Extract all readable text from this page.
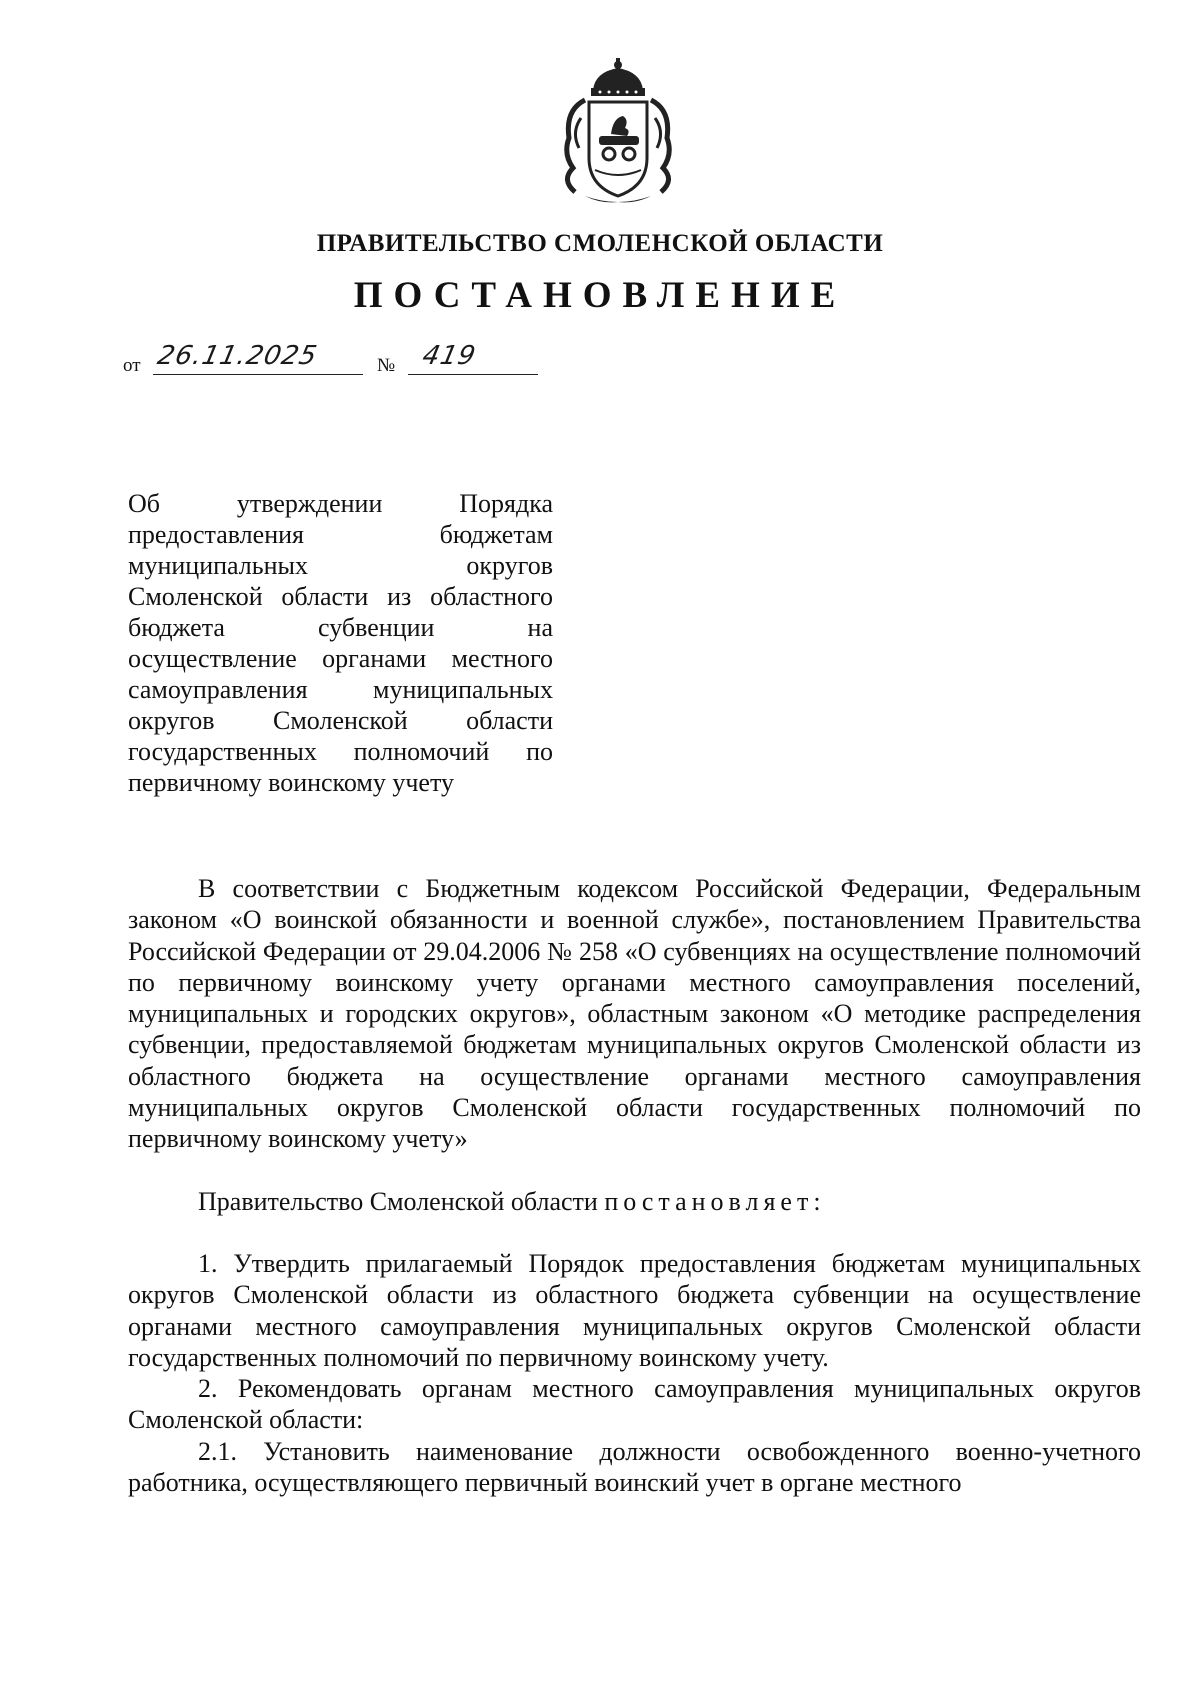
ПРАВИТЕЛЬСТВО СМОЛЕНСКОЙ ОБЛАСТИ
ПОСТАНОВЛЕНИЕ
от 26.11.2025	№ 419
Об утверждении Порядка
предоставления бюджетам
муниципальных округов
Смоленской области из областного
бюджета субвенции на
осуществление органами местного
самоуправления муниципальных
округов Смоленской области
государственных полномочий по
первичному воинскому учету

В соответствии с Бюджетным кодексом Российской Федерации, Федеральным законом «О воинской обязанности и военной службе», постановлением Правительства Российской Федерации от 29.04.2006 № 258 «О субвенциях на осуществление полномочий по первичному воинскому учету органами местного самоуправления поселений, муниципальных и городских округов», областным законом «О методике распределения субвенции, предоставляемой бюджетам муниципальных округов Смоленской области из областного бюджета на осуществление органами местного самоуправления муниципальных округов Смоленской области государственных полномочий по первичному воинскому учету»

Правительство Смоленской области постановляет:

1. Утвердить прилагаемый Порядок предоставления бюджетам муниципальных округов Смоленской области из областного бюджета субвенции на осуществление органами местного самоуправления муниципальных округов Смоленской области государственных полномочий по первичному воинскому учету.

2. Рекомендовать органам местного самоуправления муниципальных округов Смоленской области:

2.1. Установить наименование должности освобожденного военно-учетного работника, осуществляющего первичный воинский учет в органе местного
